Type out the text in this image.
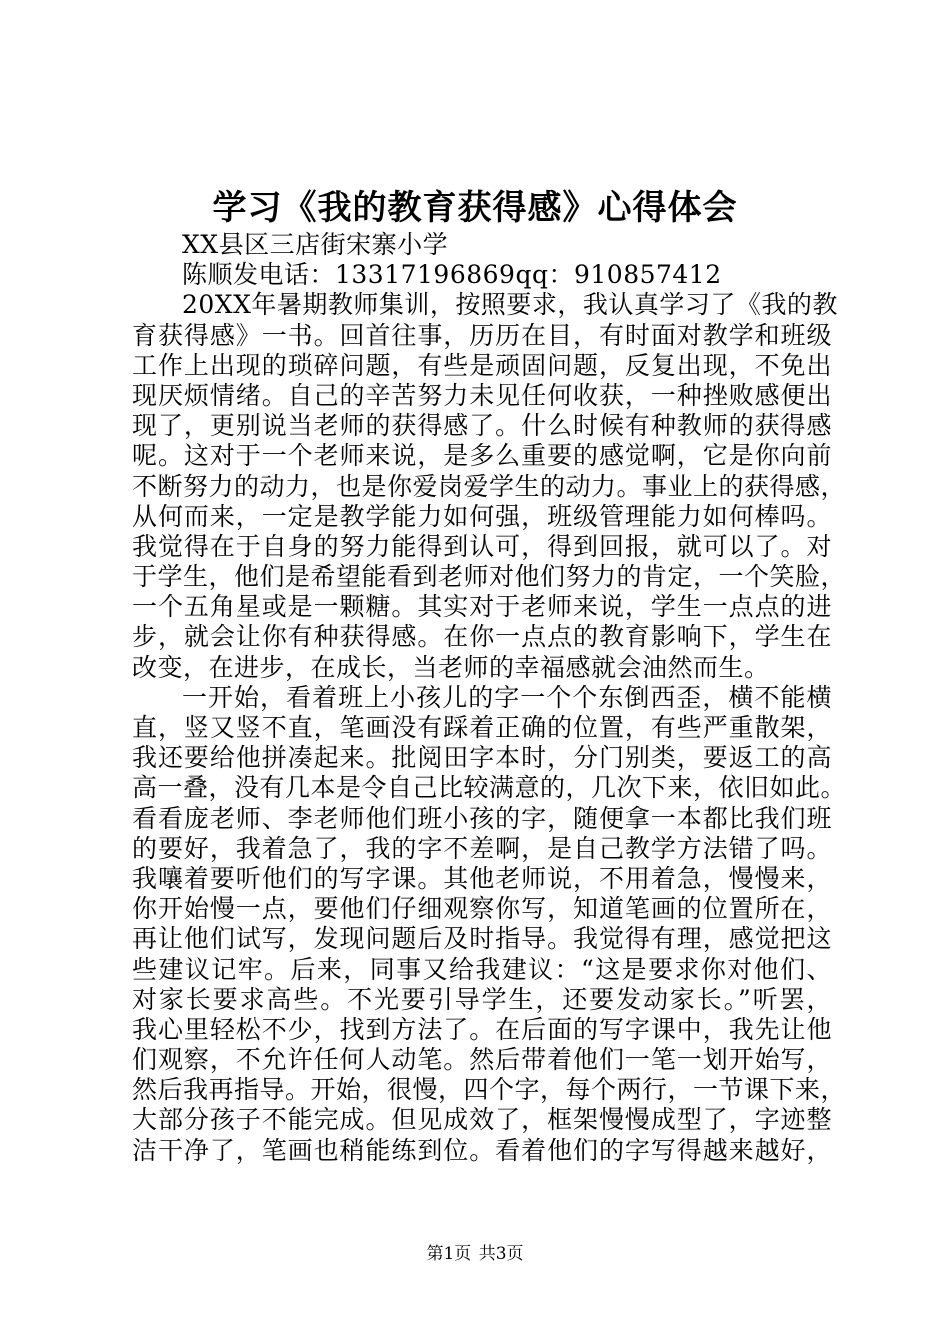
学习《我的教育获得感》心得体会
XX县区三店街宋寨小学
陈顺发电话：13317196869qq：910857412
20XX年暑期教师集训，按照要求，我认真学习了《我的教
育获得感》一书。回首往事，历历在目，有时面对教学和班级
工作上出现的琐碎问题，有些是顽固问题，反复出现，不免出
现厌烦情绪。自己的辛苦努力未见任何收获，一种挫败感便出
现了，更别说当老师的获得感了。什么时候有种教师的获得感
呢。这对于一个老师来说，是多么重要的感觉啊，它是你向前
不断努力的动力，也是你爱岗爱学生的动力。事业上的获得感，
从何而来，一定是教学能力如何强，班级管理能力如何棒吗。
我觉得在于自身的努力能得到认可，得到回报，就可以了。对
于学生，他们是希望能看到老师对他们努力的肯定，一个笑脸，
一个五角星或是一颗糖。其实对于老师来说，学生一点点的进
步，就会让你有种获得感。在你一点点的教育影响下，学生在
改变，在进步，在成长，当老师的幸福感就会油然而生。
一开始，看着班上小孩儿的字一个个东倒西歪，横不能横
直，竖又竖不直，笔画没有踩着正确的位置，有些严重散架，
我还要给他拼凑起来。批阅田字本时，分门别类，要返工的高
高一叠，没有几本是令自己比较满意的，几次下来，依旧如此。
看看庞老师、李老师他们班小孩的字，随便拿一本都比我们班
的要好，我着急了，我的字不差啊，是自己教学方法错了吗。
我嚷着要听他们的写字课。其他老师说，不用着急，慢慢来，
你开始慢一点，要他们仔细观察你写，知道笔画的位置所在，
再让他们试写，发现问题后及时指导。我觉得有理，感觉把这
些建议记牢。后来，同事又给我建议：“这是要求你对他们、
对家长要求高些。不光要引导学生，还要发动家长。”听罢，
我心里轻松不少，找到方法了。在后面的写字课中，我先让他
们观察，不允许任何人动笔。然后带着他们一笔一划开始写，
然后我再指导。开始，很慢，四个字，每个两行，一节课下来，
大部分孩子不能完成。但见成效了，框架慢慢成型了，字迹整
洁干净了，笔画也稍能练到位。看着他们的字写得越来越好，
第1页 共3页
